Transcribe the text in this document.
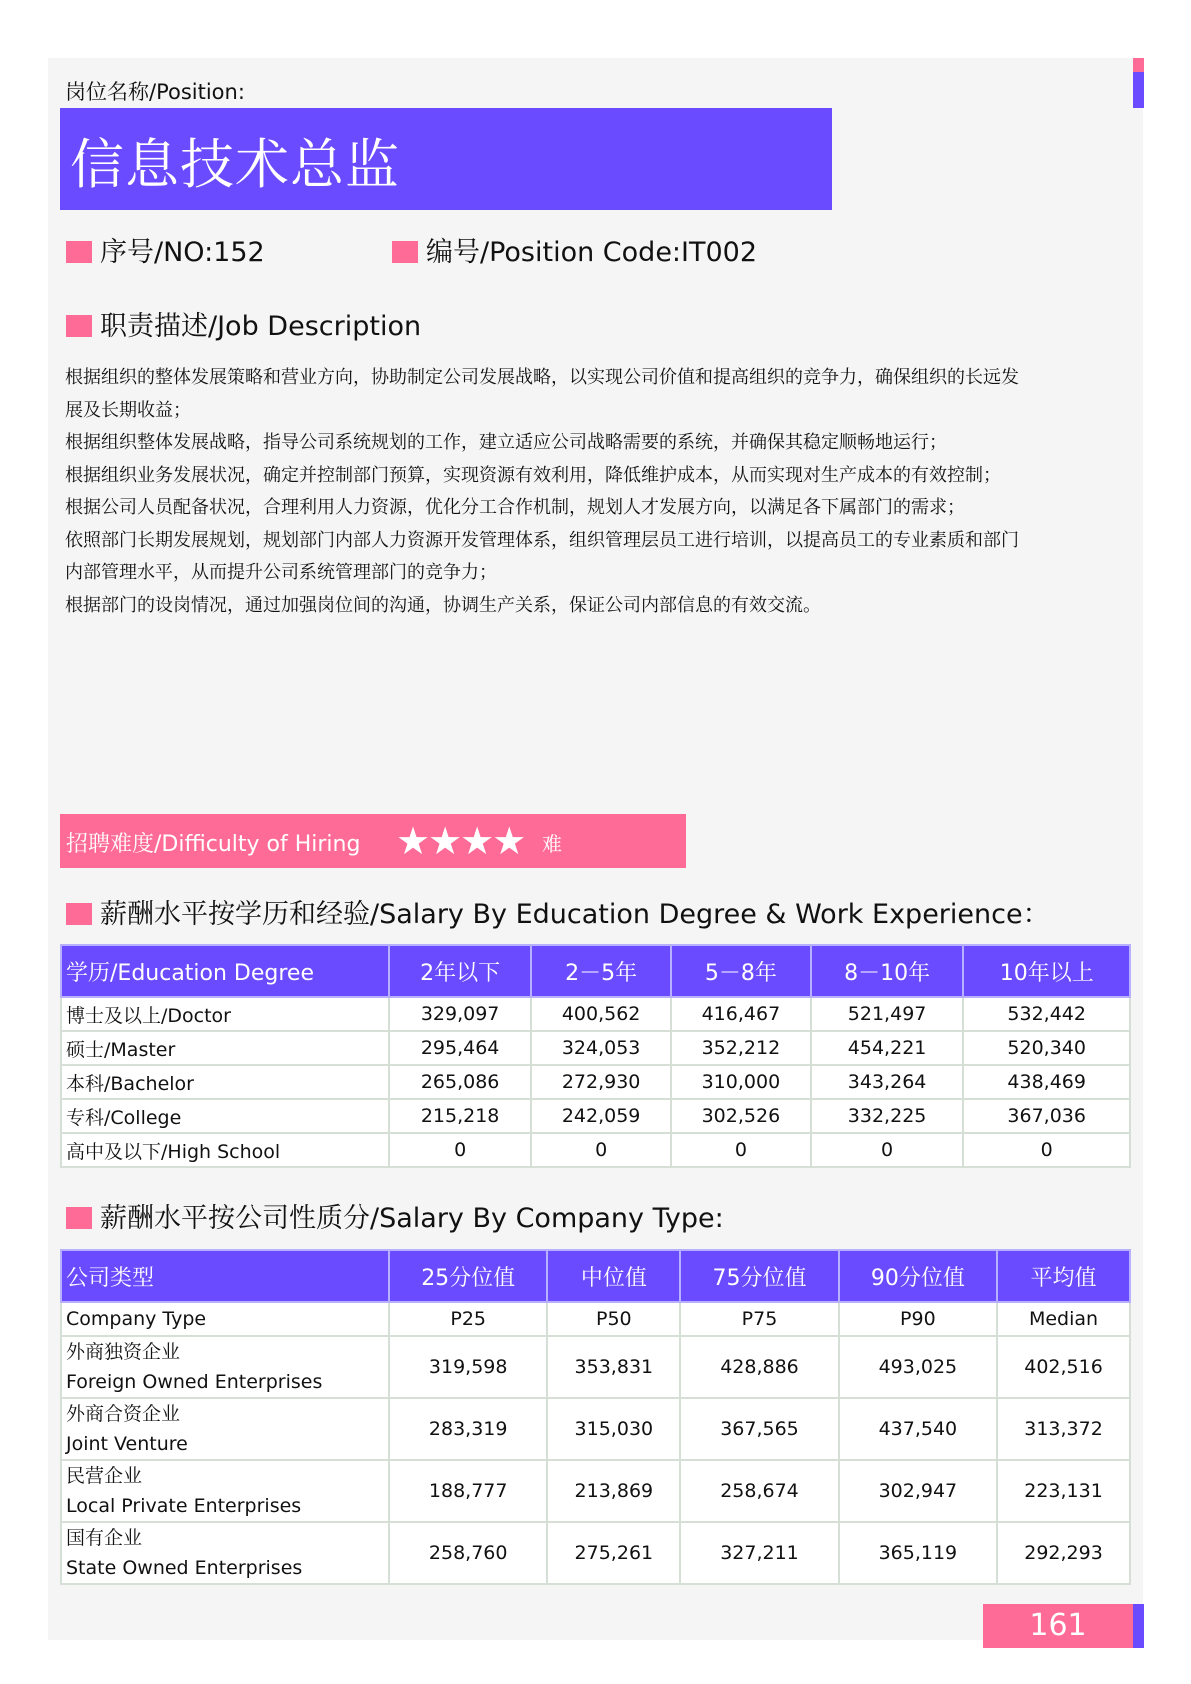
岗位名称/Position:
信息技术总监
序号/NO:152	编号/Position Code:IT002
职责描述/Job Description

根据组织的整体发展策略和营业方向，协助制定公司发展战略，以实现公司价值和提高组织的竞争力，确保组织的长远发

展及长期收益；

根据组织整体发展战略，指导公司系统规划的工作，建立适应公司战略需要的系统，并确保其稳定顺畅地运行；

根据组织业务发展状况，确定并控制部门预算，实现资源有效利用，降低维护成本，从而实现对生产成本的有效控制；

根据公司人员配备状况，合理利用人力资源，优化分工合作机制，规划人才发展方向，以满足各下属部门的需求；

依照部门长期发展规划，规划部门内部人力资源开发管理体系，组织管理层员工进行培训，以提高员工的专业素质和部门

内部管理水平，从而提升公司系统管理部门的竞争力；

根据部门的设岗情况，通过加强岗位间的沟通，协调生产关系，保证公司内部信息的有效交流。

招聘难度/Difficulty of Hiring ★★★★ 难
薪酬水平按学历和经验/Salary By Education Degree & Work Experience：
学历/Education Degree	2年以下	2－5年	5－8年	8－10年	10年以上
博士及以上/Doctor	329,097	400,562	416,467	521,497	532,442
硕士/Master	295,464	324,053	352,212	454,221	520,340
本科/Bachelor	265,086	272,930	310,000	343,264	438,469
专科/College	215,218	242,059	302,526	332,225	367,036
高中及以下/High School	0	0	0	0	0
薪酬水平按公司性质分/Salary By Company Type:
公司类型	25分位值	中位值	75分位值	90分位值	平均值
Company Type	P25	P50	P75	P90	Median

外商独资企业
Foreign Owned Enterprises	319,598	353,831	428,886	493,025	402,516

外商合资企业
Joint Venture	283,319	315,030	367,565	437,540	313,372

民营企业
Local Private Enterprises	188,777	213,869	258,674	302,947	223,131

国有企业
State Owned Enterprises	258,760	275,261	327,211	365,119	292,293
161
